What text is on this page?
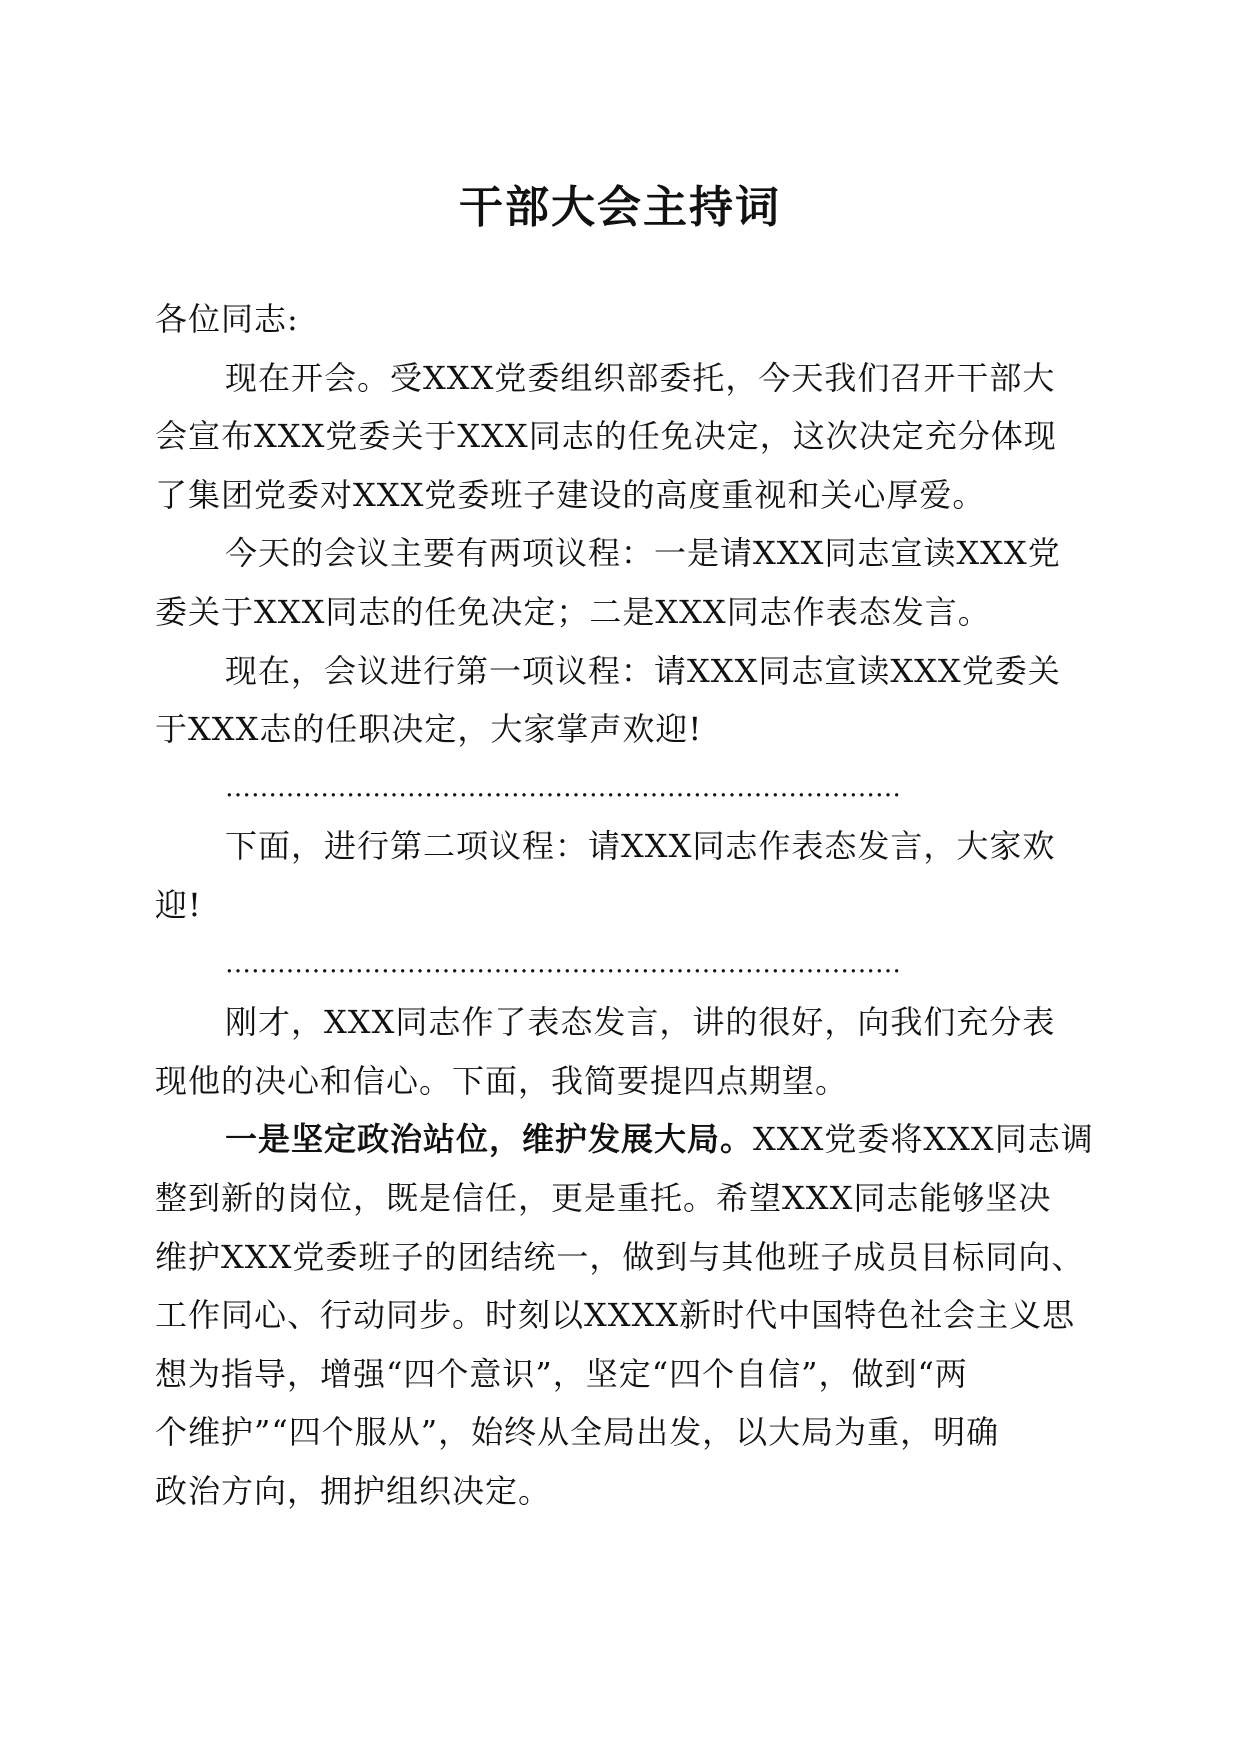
干部大会主持词
各位同志:
现在开会。受XXX党委组织部委托，今天我们召开干部大
会宣布XXX党委关于XXX同志的任免决定，这次决定充分体现
了集团党委对XXX党委班子建设的高度重视和关心厚爱。
今天的会议主要有两项议程：一是请XXX同志宣读XXX党
委关于XXX同志的任免决定；二是XXX同志作表态发言。
现在，会议进行第一项议程：请XXX同志宣读XXX党委关
于XXX志的任职决定，大家掌声欢迎!
……………………………………………………………………
下面，进行第二项议程：请XXX同志作表态发言，大家欢
迎!
……………………………………………………………………
刚才，XXX同志作了表态发言，讲的很好，向我们充分表
现他的决心和信心。下面，我简要提四点期望。
一是坚定政治站位，维护发展大局。XXX党委将XXX同志调
整到新的岗位，既是信任，更是重托。希望XXX同志能够坚决
维护XXX党委班子的团结统一，做到与其他班子成员目标同向、
工作同心、行动同步。时刻以XXXX新时代中国特色社会主义思
想为指导，增强“四个意识”，坚定“四个自信”，做到“两
个维护”“四个服从”，始终从全局出发，以大局为重，明确
政治方向，拥护组织决定。
